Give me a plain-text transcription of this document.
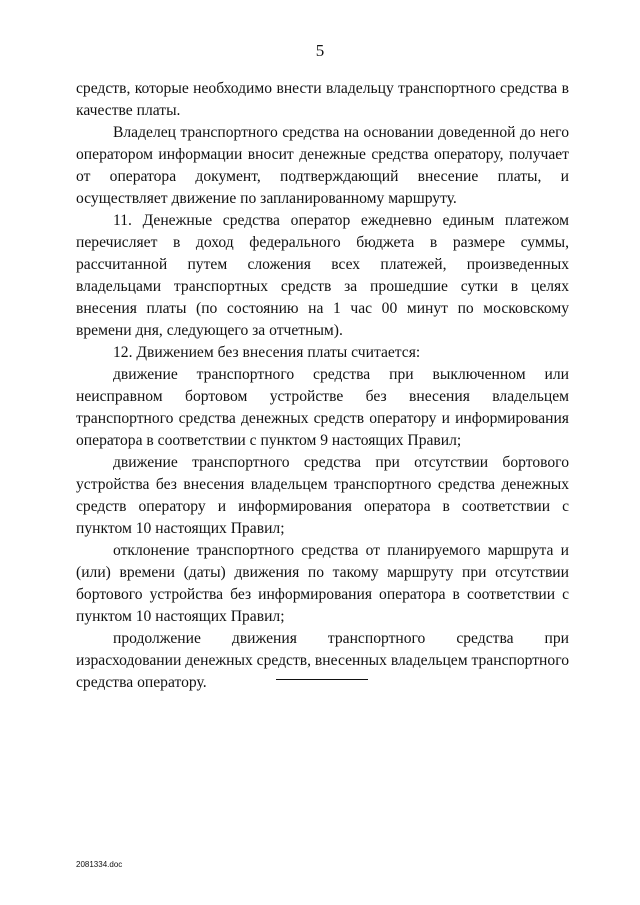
5

средств, которые необходимо внести владельцу транспортного средства в качестве платы.

Владелец транспортного средства на основании доведенной до него оператором информации вносит денежные средства оператору, получает от оператора документ, подтверждающий внесение платы, и осуществляет движение по запланированному маршруту.

11. Денежные средства оператор ежедневно единым платежом перечисляет в доход федерального бюджета в размере суммы, рассчитанной путем сложения всех платежей, произведенных владельцами транспортных средств за прошедшие сутки в целях внесения платы (по состоянию на 1 час 00 минут по московскому времени дня, следующего за отчетным).

12. Движением без внесения платы считается:

движение транспортного средства при выключенном или неисправном бортовом устройстве без внесения владельцем транспортного средства денежных средств оператору и информирования оператора в соответствии с пунктом 9 настоящих Правил;

движение транспортного средства при отсутствии бортового устройства без внесения владельцем транспортного средства денежных средств оператору и информирования оператора в соответствии с пунктом 10 настоящих Правил;

отклонение транспортного средства от планируемого маршрута и (или) времени (даты) движения по такому маршруту при отсутствии бортового устройства без информирования оператора в соответствии с пунктом 10 настоящих Правил;

продолжение движения транспортного средства при израсходовании денежных средств, внесенных владельцем транспортного средства оператору.

2081334.doc
